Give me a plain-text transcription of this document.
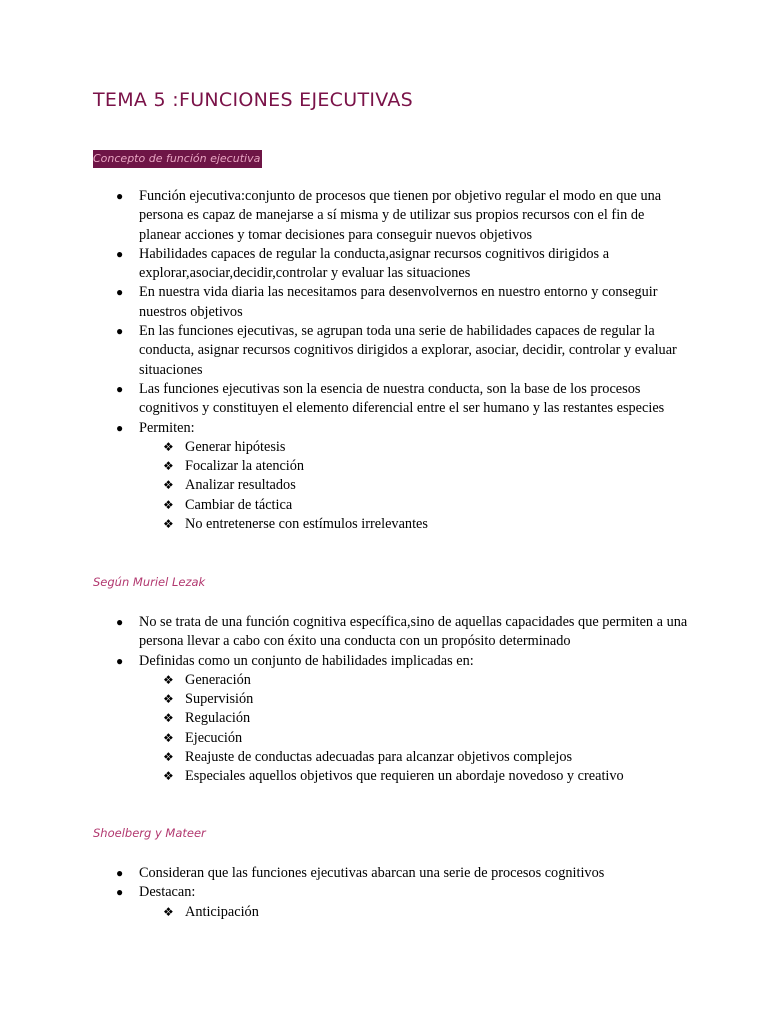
TEMA 5 :FUNCIONES EJECUTIVAS
Concepto de función ejecutiva
● Función ejecutiva:conjunto de procesos que tienen por objetivo regular el modo en que una persona es capaz de manejarse a sí misma y de utilizar sus propios recursos con el fin de planear acciones y tomar decisiones para conseguir nuevos objetivos
● Habilidades capaces de regular la conducta,asignar recursos cognitivos dirigidos a explorar,asociar,decidir,controlar y evaluar las situaciones
● En nuestra vida diaria las necesitamos para desenvolvernos en nuestro entorno y conseguir nuestros objetivos
● En las funciones ejecutivas, se agrupan toda una serie de habilidades capaces de regular la conducta, asignar recursos cognitivos dirigidos a explorar, asociar, decidir, controlar y evaluar situaciones
● Las funciones ejecutivas son la esencia de nuestra conducta, son la base de los procesos cognitivos y constituyen el elemento diferencial entre el ser humano y las restantes especies
● Permiten:
❖ Generar hipótesis
❖ Focalizar la atención
❖ Analizar resultados
❖ Cambiar de táctica
❖ No entretenerse con estímulos irrelevantes
Según Muriel Lezak
● No se trata de una función cognitiva específica,sino de aquellas capacidades que permiten a una persona llevar a cabo con éxito una conducta con un propósito determinado
● Definidas como un conjunto de habilidades implicadas en:
❖ Generación
❖ Supervisión
❖ Regulación
❖ Ejecución
❖ Reajuste de conductas adecuadas para alcanzar objetivos complejos
❖ Especiales aquellos objetivos que requieren un abordaje novedoso y creativo
Shoelberg y Mateer
● Consideran que las funciones ejecutivas abarcan una serie de procesos cognitivos
● Destacan:
❖ Anticipación
